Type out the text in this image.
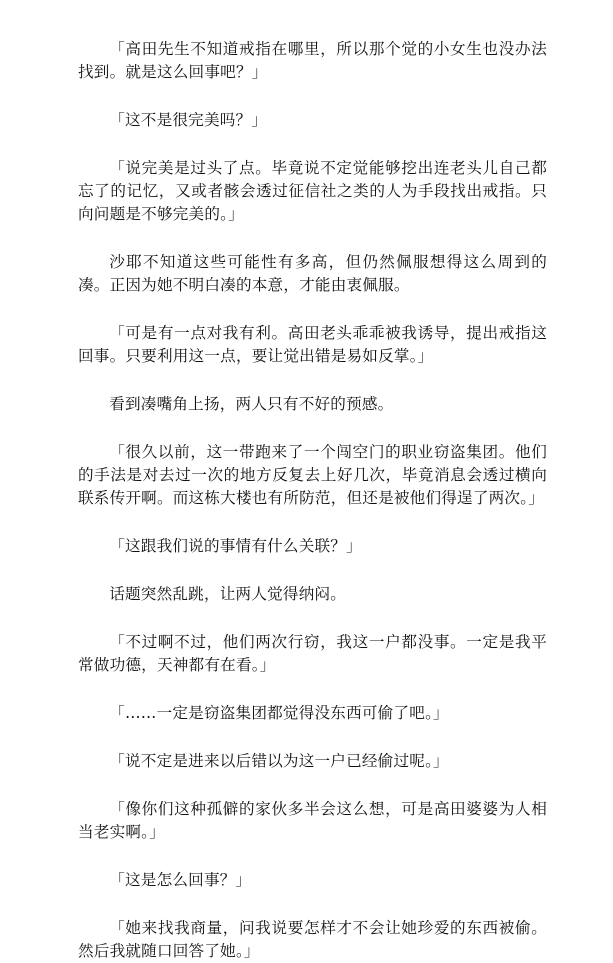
「高田先生不知道戒指在哪里，所以那个觉的小女生也没办法找到。就是这么回事吧？」

「这不是很完美吗？」

「说完美是过头了点。毕竟说不定觉能够挖出连老头儿自己都忘了的记忆，又或者骸会透过征信社之类的人为手段找出戒指。只向问题是不够完美的。」

沙耶不知道这些可能性有多高，但仍然佩服想得这么周到的凑。正因为她不明白凑的本意，才能由衷佩服。

「可是有一点对我有利。高田老头乖乖被我诱导，提出戒指这回事。只要利用这一点，要让觉出错是易如反掌。」

看到凑嘴角上扬，两人只有不好的预感。

「很久以前，这一带跑来了一个闯空门的职业窃盗集团。他们的手法是对去过一次的地方反复去上好几次，毕竟消息会透过横向联系传开啊。而这栋大楼也有所防范，但还是被他们得逞了两次。」

「这跟我们说的事情有什么关联？」

话题突然乱跳，让两人觉得纳闷。

「不过啊不过，他们两次行窃，我这一户都没事。一定是我平常做功德，天神都有在看。」

「……一定是窃盗集团都觉得没东西可偷了吧。」

「说不定是进来以后错以为这一户已经偷过呢。」

「像你们这种孤僻的家伙多半会这么想，可是高田婆婆为人相当老实啊。」

「这是怎么回事？」

「她来找我商量，问我说要怎样才不会让她珍爱的东西被偷。然后我就随口回答了她。」
